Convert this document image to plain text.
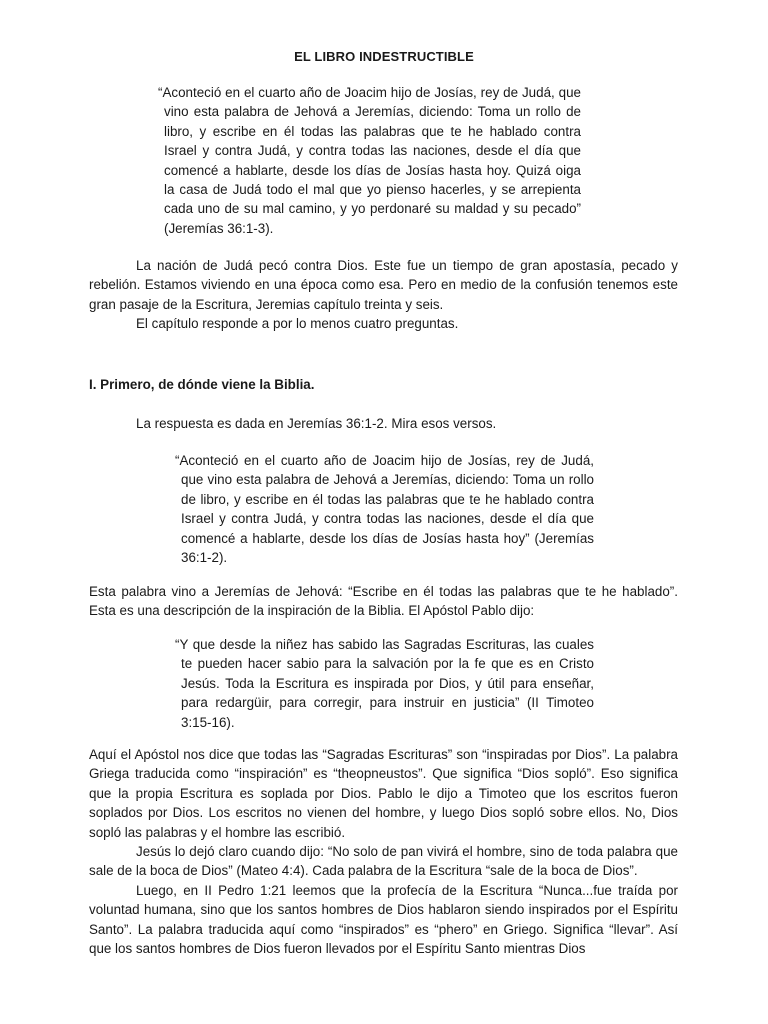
EL LIBRO INDESTRUCTIBLE

“Aconteció en el cuarto año de Joacim hijo de Josías, rey de Judá, que vino esta palabra de Jehová a Jeremías, diciendo: Toma un rollo de libro, y escribe en él todas las palabras que te he hablado contra Israel y contra Judá, y contra todas las naciones, desde el día que comencé a hablarte, desde los días de Josías hasta hoy. Quizá oiga la casa de Judá todo el mal que yo pienso hacerles, y se arrepienta cada uno de su mal camino, y yo perdonaré su maldad y su pecado” (Jeremías 36:1-3).

La nación de Judá pecó contra Dios. Este fue un tiempo de gran apostasía, pecado y rebelión. Estamos viviendo en una época como esa. Pero en medio de la confusión tenemos este gran pasaje de la Escritura, Jeremias capítulo treinta y seis.

El capítulo responde a por lo menos cuatro preguntas.

I. Primero, de dónde viene la Biblia.

La respuesta es dada en Jeremías 36:1-2. Mira esos versos.

“Aconteció en el cuarto año de Joacim hijo de Josías, rey de Judá, que vino esta palabra de Jehová a Jeremías, diciendo: Toma un rollo de libro, y escribe en él todas las palabras que te he hablado contra Israel y contra Judá, y contra todas las naciones, desde el día que comencé a hablarte, desde los días de Josías hasta hoy” (Jeremías 36:1-2).

Esta palabra vino a Jeremías de Jehová: “Escribe en él todas las palabras que te he hablado”. Esta es una descripción de la inspiración de la Biblia. El Apóstol Pablo dijo:

“Y que desde la niñez has sabido las Sagradas Escrituras, las cuales te pueden hacer sabio para la salvación por la fe que es en Cristo Jesús. Toda la Escritura es inspirada por Dios, y útil para enseñar, para redargüir, para corregir, para instruir en justicia” (II Timoteo 3:15-16).

Aquí el Apóstol nos dice que todas las “Sagradas Escrituras” son “inspiradas por Dios”. La palabra Griega traducida como “inspiración” es “theopneustos”. Que significa “Dios sopló”. Eso significa que la propia Escritura es soplada por Dios. Pablo le dijo a Timoteo que los escritos fueron soplados por Dios. Los escritos no vienen del hombre, y luego Dios sopló sobre ellos. No, Dios sopló las palabras y el hombre las escribió.

Jesús lo dejó claro cuando dijo: “No solo de pan vivirá el hombre, sino de toda palabra que sale de la boca de Dios” (Mateo 4:4). Cada palabra de la Escritura “sale de la boca de Dios”.

Luego, en II Pedro 1:21 leemos que la profecía de la Escritura “Nunca...fue traída por voluntad humana, sino que los santos hombres de Dios hablaron siendo inspirados por el Espíritu Santo”. La palabra traducida aquí como “inspirados” es “phero” en Griego. Significa “llevar”. Así que los santos hombres de Dios fueron llevados por el Espíritu Santo mientras Dios
